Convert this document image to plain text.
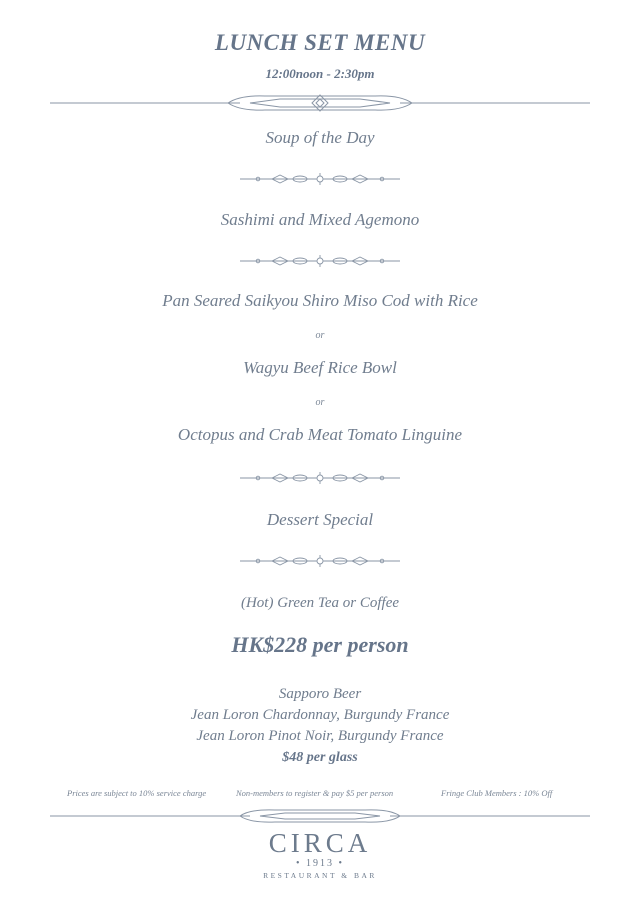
LUNCH SET MENU
12:00noon - 2:30pm
Soup of the Day
Sashimi and Mixed Agemono
Pan Seared Saikyou Shiro Miso Cod with Rice
or
Wagyu Beef Rice Bowl
or
Octopus and Crab Meat Tomato Linguine
Dessert Special
(Hot) Green Tea or Coffee
HK$228 per person
Sapporo Beer
Jean Loron Chardonnay, Burgundy France
Jean Loron Pinot Noir, Burgundy France
$48 per glass
Prices are subject to 10% service charge	Non-members to register & pay $5 per person	Fringe Club Members : 10% Off
CIRCA
• 1913 •
RESTAURANT & BAR
